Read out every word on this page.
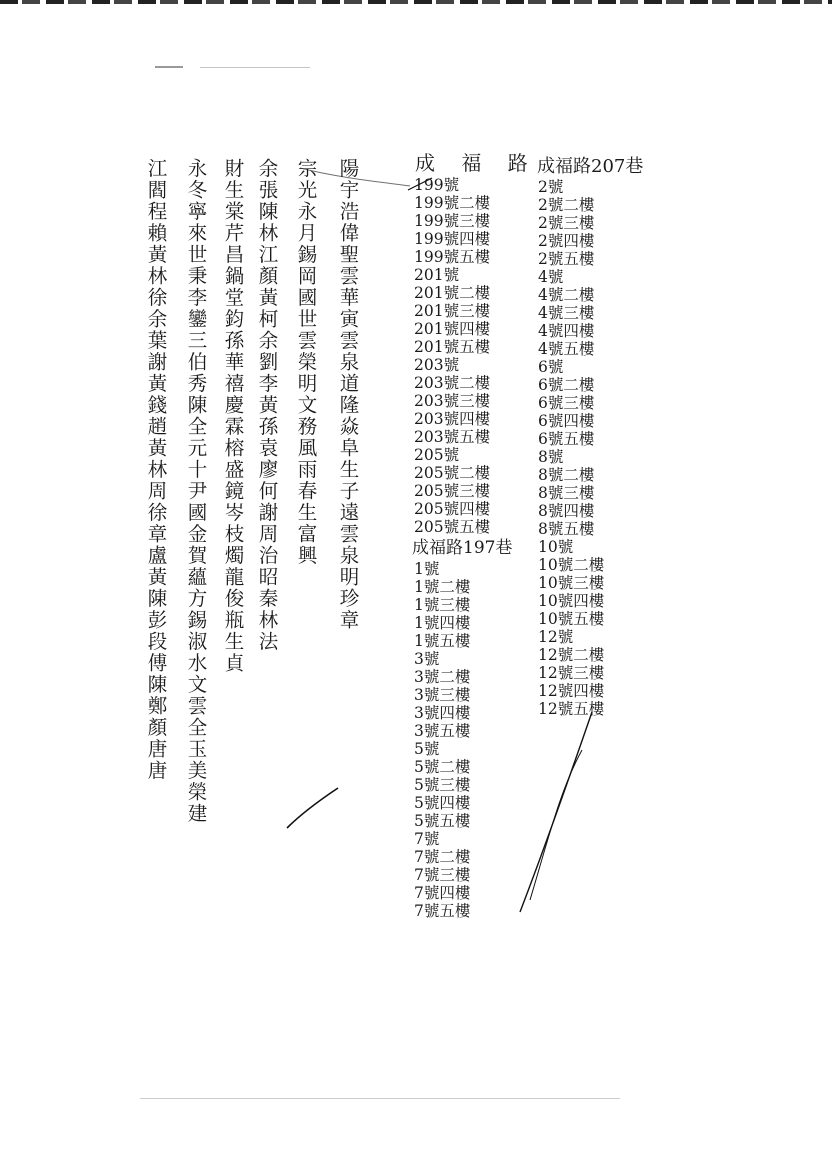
成 福 路 成福路207巷
宗光永月錫岡國世雲榮明文務風雨春生富興 陽宇浩偉聖雲華寅雲泉道隆焱阜生子遠雲泉明珍章
余張陳林江顏黃柯余劉李黃孫袁廖何謝周治昭秦林法
財生棠芹昌鍋堂鈞孫華禧慶霖榕盛鏡岑枝燭龍俊瓶生貞
永冬寧來世秉李鑾三伯秀陳全元十尹國金賀蘊方錫淑水文雲全玉美榮建
江閻程賴黃林徐余葉謝黃錢趙黃林周徐章盧黃陳彭段傅陳鄭顏唐唐	199號
199號二樓
199號三樓
199號四樓
199號五樓
201號
201號二樓
201號三樓
201號四樓
201號五樓
203號
203號二樓
203號三樓
203號四樓
203號五樓
205號
205號二樓
205號三樓
205號四樓
205號五樓
成福路197巷
1號
1號二樓
1號三樓
1號四樓
1號五樓
3號
3號二樓
3號三樓
3號四樓
3號五樓
5號
5號二樓
5號三樓
5號四樓
5號五樓
7號
7號二樓
7號三樓
7號四樓
7號五樓
2號
2號二樓
2號三樓
2號四樓
2號五樓
4號
4號二樓
4號三樓
4號四樓
4號五樓
6號
6號二樓
6號三樓
6號四樓
6號五樓
8號
8號二樓
8號三樓
8號四樓
8號五樓
10號
10號二樓
10號三樓
10號四樓
10號五樓
12號
12號二樓
12號三樓
12號四樓
12號五樓
